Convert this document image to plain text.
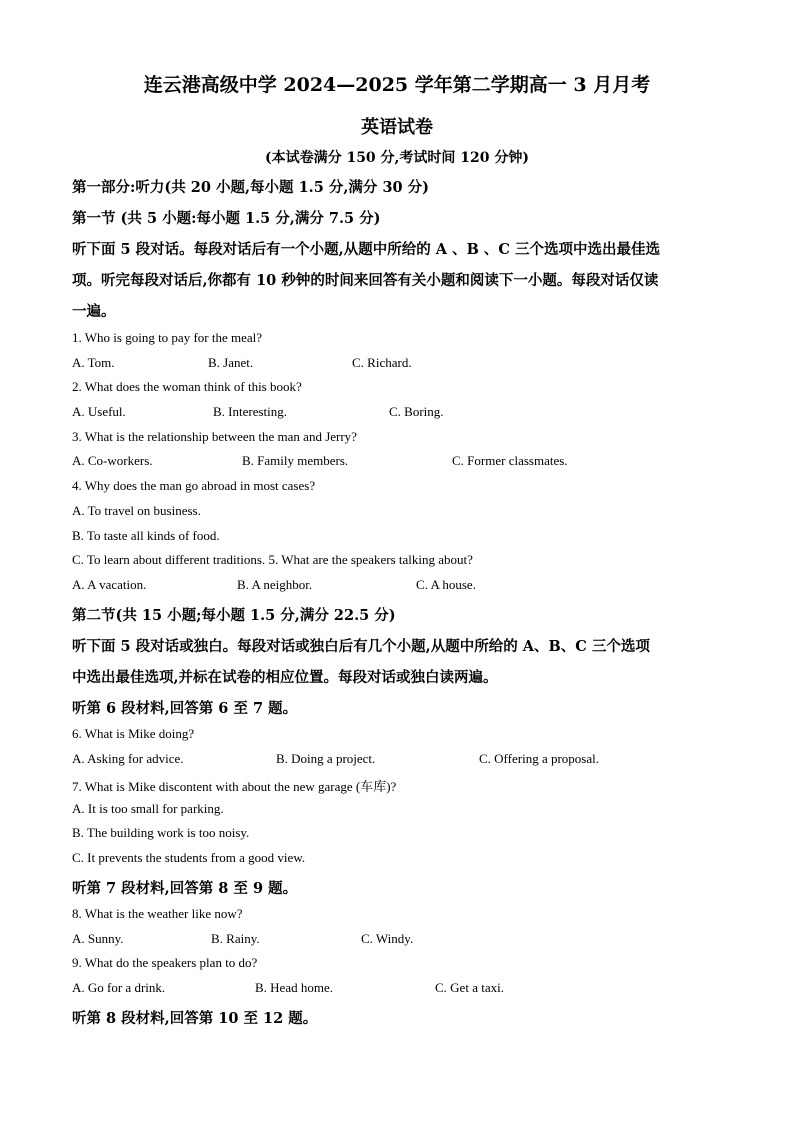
连云港高级中学 2024—2025 学年第二学期高一 3 月月考
英语试卷
(本试卷满分 150 分,考试时间 120 分钟)
第一部分:听力(共 20 小题,每小题 1.5 分,满分 30 分)
第一节 (共 5 小题:每小题 1.5 分,满分 7.5 分)
听下面 5 段对话。每段对话后有一个小题,从题中所给的 A 、B 、C 三个选项中选出最佳选
项。听完每段对话后,你都有 10 秒钟的时间来回答有关小题和阅读下一小题。每段对话仅读
一遍。
1. Who is going to pay for the meal?
A. Tom.	B. Janet.	C. Richard.
2. What does the woman think of this book?
A. Useful.	B. Interesting.	C. Boring.
3. What is the relationship between the man and Jerry?
A. Co-workers.	B. Family members.	C. Former classmates.
4. Why does the man go abroad in most cases?
A. To travel on business.
B. To taste all kinds of food.
C. To learn about different traditions. 5. What are the speakers talking about?
A. A vacation.	B. A neighbor.	C. A house.
第二节(共 15 小题;每小题 1.5 分,满分 22.5 分)
听下面 5 段对话或独白。每段对话或独白后有几个小题,从题中所给的 A、B、C 三个选项
中选出最佳选项,并标在试卷的相应位置。每段对话或独白读两遍。
听第 6 段材料,回答第 6 至 7 题。
6. What is Mike doing?
A. Asking for advice.	B. Doing a project.	C. Offering a proposal.
7. What is Mike discontent with about the new garage (车库)?
A. It is too small for parking.
B. The building work is too noisy.
C. It prevents the students from a good view.
听第 7 段材料,回答第 8 至 9 题。
8. What is the weather like now?
A. Sunny.	B. Rainy.	C. Windy.
9. What do the speakers plan to do?
A. Go for a drink.	B. Head home.	C. Get a taxi.
听第 8 段材料,回答第 10 至 12 题。
